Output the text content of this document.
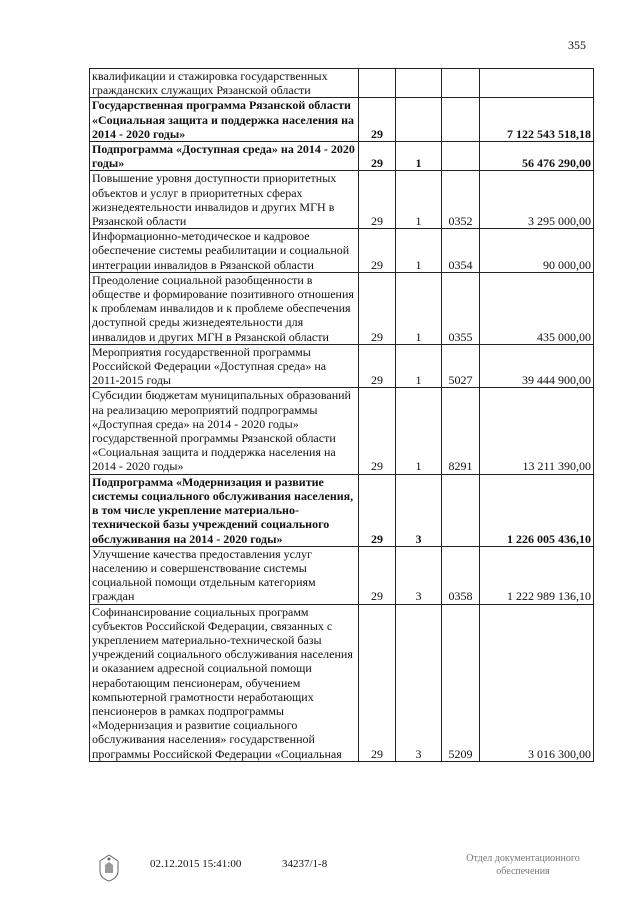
355
квалификации и стажировка государственных гражданских служащих Рязанской области				
Государственная программа Рязанской области «Социальная защита и поддержка населения на 2014 - 2020 годы»	29			7 122 543 518,18
Подпрограмма «Доступная среда» на 2014 - 2020 годы»	29	1		56 476 290,00
Повышение уровня доступности приоритетных объектов и услуг в приоритетных сферах жизнедеятельности инвалидов и других МГН в Рязанской области	29	1	0352	3 295 000,00
Информационно-методическое и кадровое обеспечение системы реабилитации и социальной интеграции инвалидов в Рязанской области	29	1	0354	90 000,00
Преодоление социальной разобщенности в обществе и формирование позитивного отношения к проблемам инвалидов и к проблеме обеспечения доступной среды жизнедеятельности для инвалидов и других МГН в Рязанской области	29	1	0355	435 000,00
Мероприятия государственной программы Российской Федерации «Доступная среда» на 2011-2015 годы	29	1	5027	39 444 900,00
Субсидии бюджетам муниципальных образований на реализацию мероприятий подпрограммы «Доступная среда» на 2014 - 2020 годы» государственной программы Рязанской области «Социальная защита и поддержка населения на 2014 - 2020 годы»	29	1	8291	13 211 390,00
Подпрограмма «Модернизация и развитие системы социального обслуживания населения, в том числе укрепление материально-технической базы учреждений социального обслуживания на 2014 - 2020 годы»	29	3		1 226 005 436,10
Улучшение качества предоставления услуг населению и совершенствование системы социальной помощи отдельным категориям граждан	29	3	0358	1 222 989 136,10
Софинансирование социальных программ субъектов Российской Федерации, связанных с укреплением материально-технической базы учреждений социального обслуживания населения и оказанием адресной социальной помощи неработающим пенсионерам, обучением компьютерной грамотности неработающих пенсионеров в рамках подпрограммы «Модернизация и развитие социального обслуживания населения» государственной программы Российской Федерации «Социальная	29	3	5209	3 016 300,00
02.12.2015 15:41:00	34237/1-8	Отдел документационного
обеспечения
